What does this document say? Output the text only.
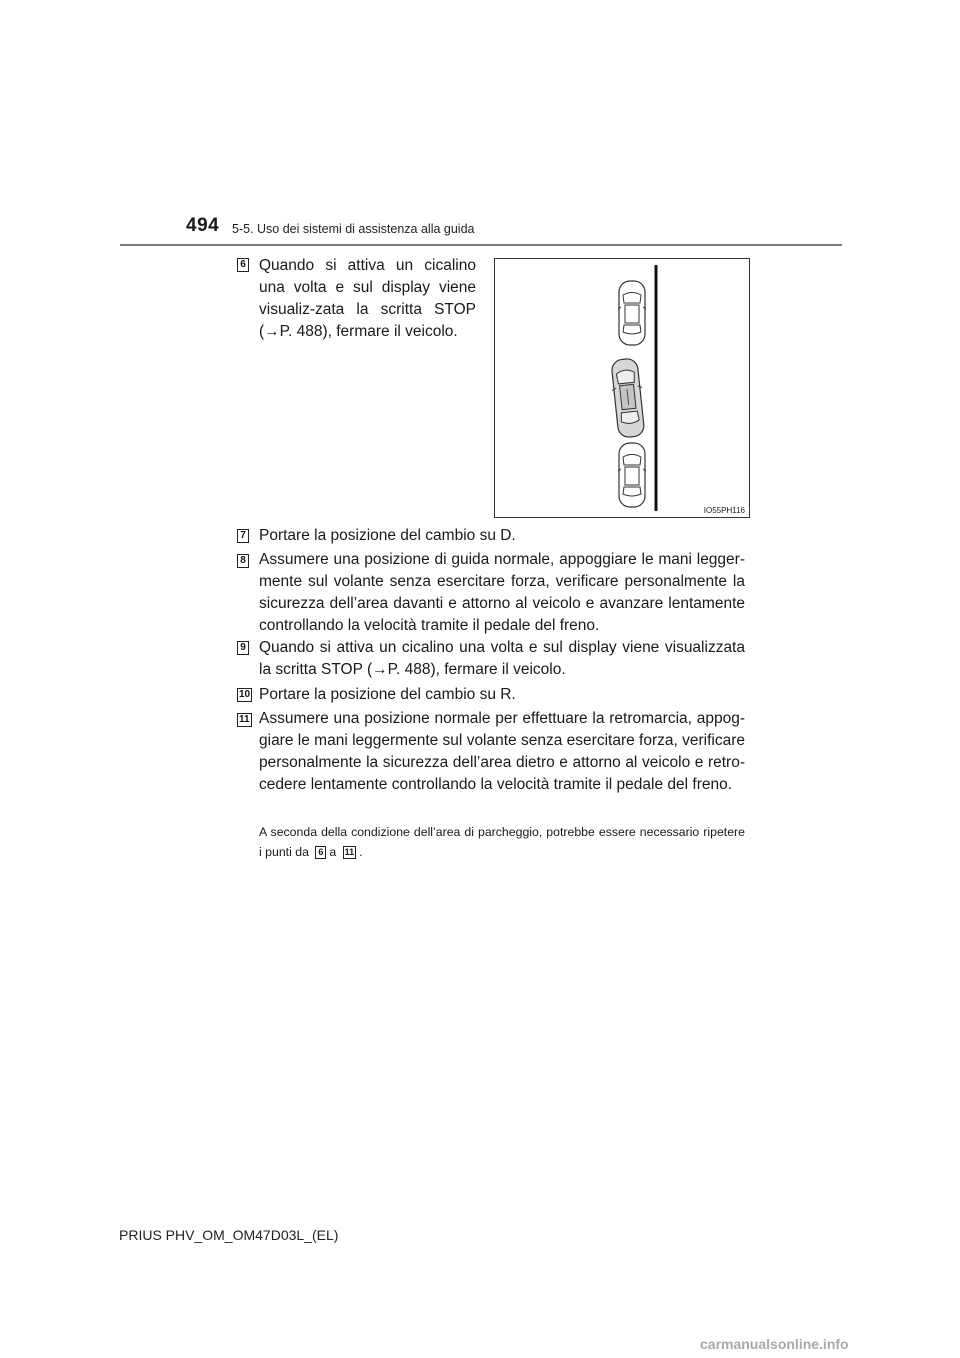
494 5-5. Uso dei sistemi di assistenza alla guida
6 Quando si attiva un cicalino una volta e sul display viene visualiz-zata la scritta STOP (→P. 488), fermare il veicolo.
IO55PH116
7 Portare la posizione del cambio su D.
8 Assumere una posizione di guida normale, appoggiare le mani legger-mente sul volante senza esercitare forza, verificare personalmente la sicurezza dell’area davanti e attorno al veicolo e avanzare lentamente controllando la velocità tramite il pedale del freno.
9 Quando si attiva un cicalino una volta e sul display viene visualizzata la scritta STOP (→P. 488), fermare il veicolo.
10 Portare la posizione del cambio su R.
11 Assumere una posizione normale per effettuare la retromarcia, appog-giare le mani leggermente sul volante senza esercitare forza, verificare personalmente la sicurezza dell’area dietro e attorno al veicolo e retro-cedere lentamente controllando la velocità tramite il pedale del freno.
A seconda della condizione dell’area di parcheggio, potrebbe essere necessario ripetere i punti da 6 a 11 .
PRIUS PHV_OM_OM47D03L_(EL)
carmanualsonline.info
